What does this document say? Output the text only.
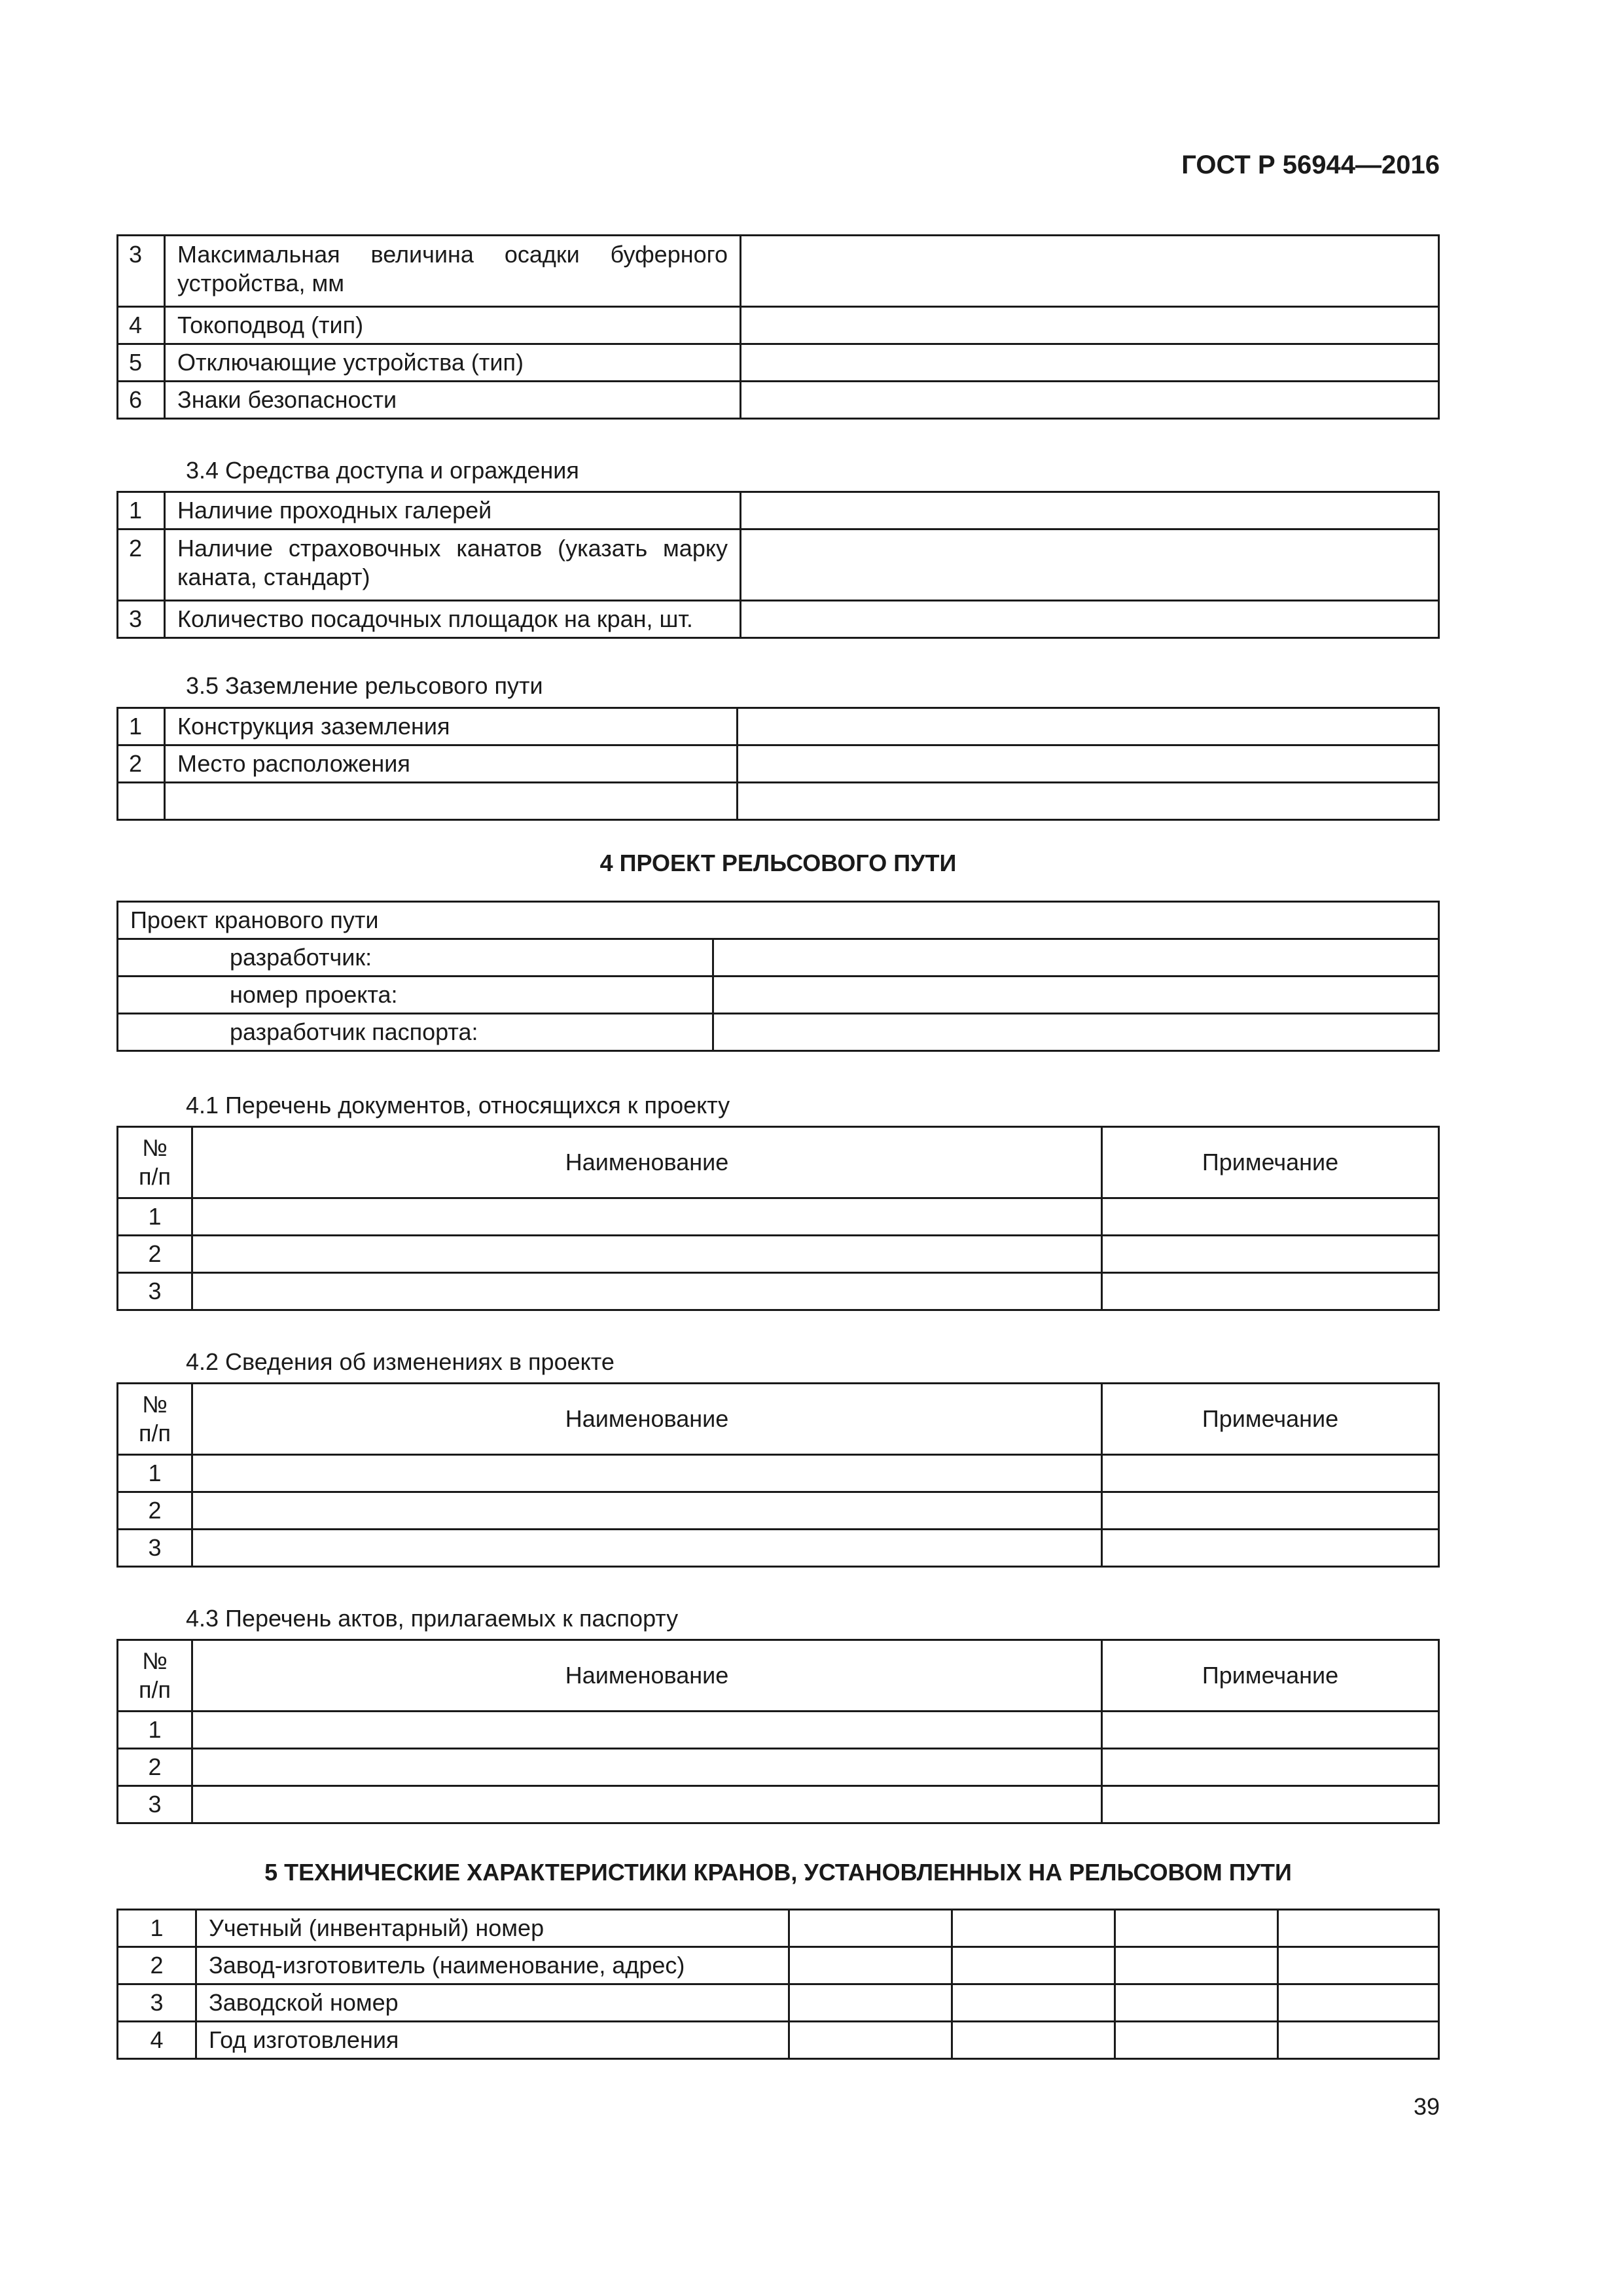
ГОСТ Р 56944—2016
3	Максимальная величина осадки буферного устройства, мм	
4	Токоподвод (тип)	
5	Отключающие устройства (тип)	
6	Знаки безопасности	
3.4 Средства доступа и ограждения
1	Наличие проходных галерей	
2	Наличие страховочных канатов (указать марку каната, стандарт)	
3	Количество посадочных площадок на кран, шт.	
3.5 Заземление рельсового пути
1	Конструкция заземления	
2	Место расположения	

4 ПРОЕКТ РЕЛЬСОВОГО ПУТИ
Проект кранового пути	
разработчик:	
номер проекта:	
разработчик паспорта:	
4.1 Перечень документов, относящихся к проекту
№ п/п	Наименование	Примечание
1		
2		
3		
4.2 Сведения об изменениях в проекте
№ п/п	Наименование	Примечание
1		
2		
3		
4.3 Перечень актов, прилагаемых к паспорту
№ п/п	Наименование	Примечание
1		
2		
3		
5 ТЕХНИЧЕСКИЕ ХАРАКТЕРИСТИКИ КРАНОВ, УСТАНОВЛЕННЫХ НА РЕЛЬСОВОМ ПУТИ
1	Учетный (инвентарный) номер				
2	Завод-изготовитель (наименование, адрес)				
3	Заводской номер				
4	Год изготовления				
39
